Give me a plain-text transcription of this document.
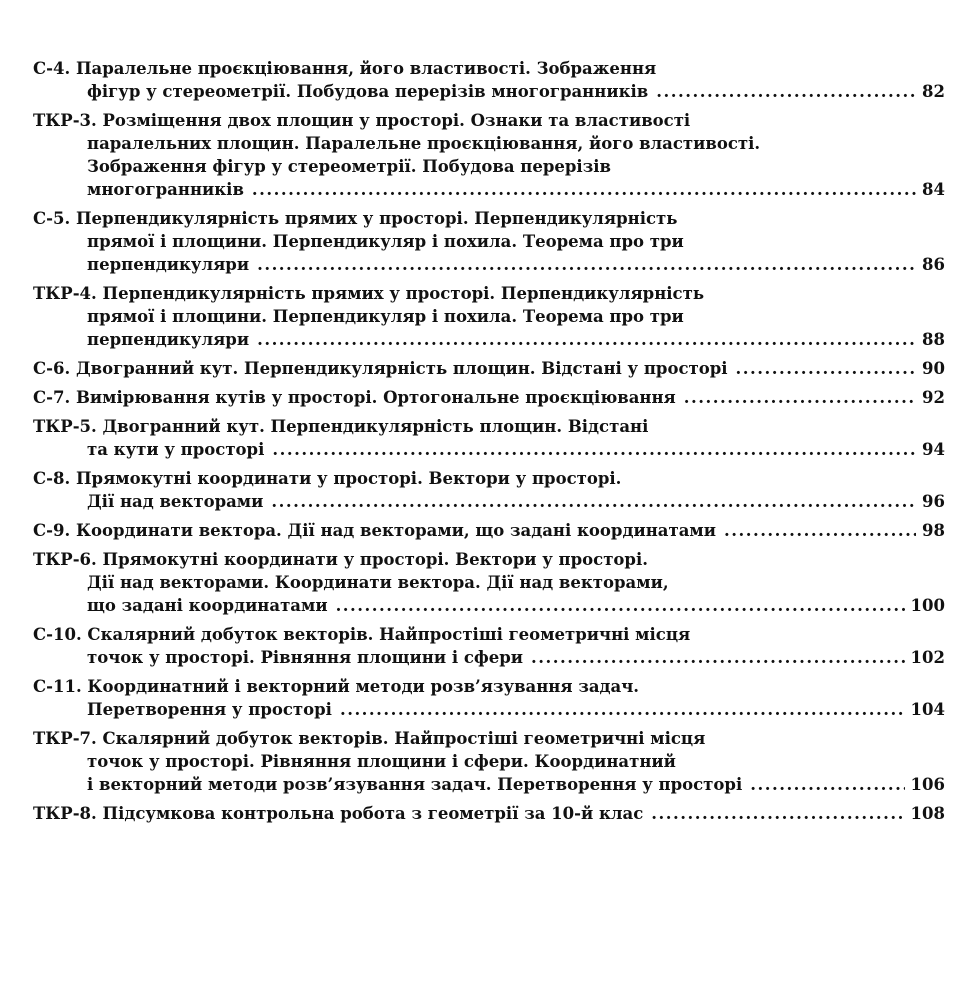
С-4. Паралельне проєкціювання, його властивості. Зображення
фігур у стереометрії. Побудова перерізів многогранників .....	82
ТКР-3. Розміщення двох площин у просторі. Ознаки та властивості
паралельних площин. Паралельне проєкціювання, його властивості.
Зображення фігур у стереометрії. Побудова перерізів
многогранників .....	84
С-5. Перпендикулярність прямих у просторі. Перпендикулярність
прямої і площини. Перпендикуляр і похила. Теорема про три
перпендикуляри .....	86
ТКР-4. Перпендикулярність прямих у просторі. Перпендикулярність
прямої і площини. Перпендикуляр і похила. Теорема про три
перпендикуляри .....	88
С-6. Двогранний кут. Перпендикулярність площин. Відстані у просторі .....	90
С-7. Вимірювання кутів у просторі. Ортогональне проєкціювання .....	92
ТКР-5. Двогранний кут. Перпендикулярність площин. Відстані
та кути у просторі .....	94
С-8. Прямокутні координати у просторі. Вектори у просторі.
Дії над векторами .....	96
С-9. Координати вектора. Дії над векторами, що задані координатами .....	98
ТКР-6. Прямокутні координати у просторі. Вектори у просторі.
Дії над векторами. Координати вектора. Дії над векторами,
що задані координатами .....	100
С-10. Скалярний добуток векторів. Найпростіші геометричні місця
точок у просторі. Рівняння площини і сфери .....	102
С-11. Координатний і векторний методи розв’язування задач.
Перетворення у просторі .....	104
ТКР-7. Скалярний добуток векторів. Найпростіші геометричні місця
точок у просторі. Рівняння площини і сфери. Координатний
і векторний методи розв’язування задач. Перетворення у просторі .....	106
ТКР-8. Підсумкова контрольна робота з геометрії за 10-й клас .....	108
